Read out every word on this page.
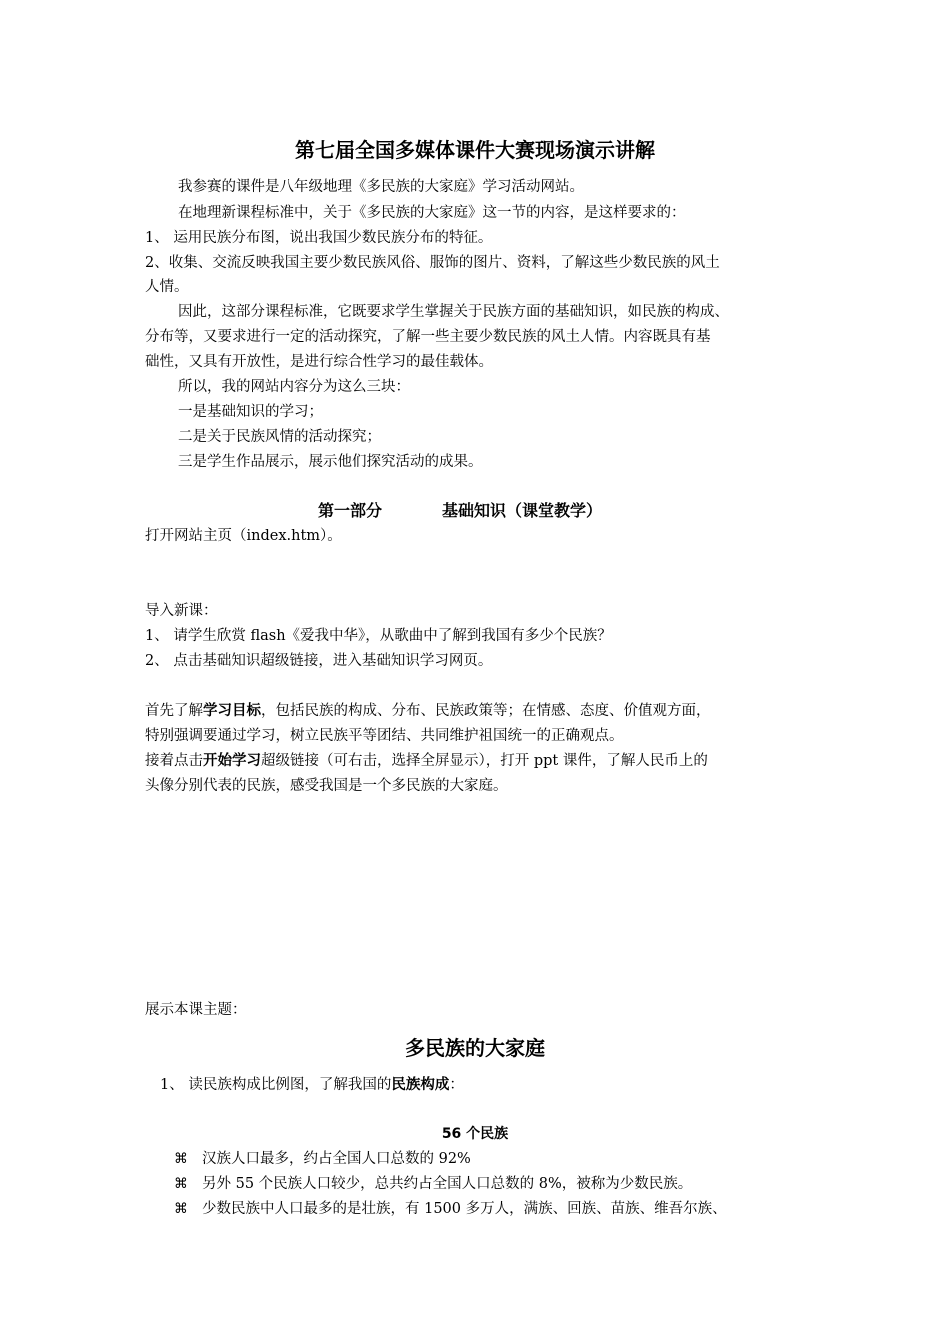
第七届全国多媒体课件大赛现场演示讲解
我参赛的课件是八年级地理《多民族的大家庭》学习活动网站。
在地理新课程标准中，关于《多民族的大家庭》这一节的内容，是这样要求的：
1、 运用民族分布图，说出我国少数民族分布的特征。
2、收集、交流反映我国主要少数民族风俗、服饰的图片、资料，了解这些少数民族的风土
人情。
因此，这部分课程标准，它既要求学生掌握关于民族方面的基础知识，如民族的构成、
分布等，又要求进行一定的活动探究，了解一些主要少数民族的风土人情。内容既具有基
础性，又具有开放性，是进行综合性学习的最佳载体。
所以，我的网站内容分为这么三块：
一是基础知识的学习；
二是关于民族风情的活动探究；
三是学生作品展示，展示他们探究活动的成果。
第一部分	基础知识（课堂教学）
打开网站主页（index.htm）。
导入新课：
1、 请学生欣赏 flash《爱我中华》，从歌曲中了解到我国有多少个民族？
2、 点击基础知识超级链接，进入基础知识学习网页。
首先了解学习目标，包括民族的构成、分布、民族政策等；在情感、态度、价值观方面，
特别强调要通过学习，树立民族平等团结、共同维护祖国统一的正确观点。
接着点击开始学习超级链接（可右击，选择全屏显示），打开 ppt 课件，了解人民币上的
头像分别代表的民族，感受我国是一个多民族的大家庭。
展示本课主题：
多民族的大家庭
1、 读民族构成比例图，了解我国的民族构成：
56 个民族
⌘ 汉族人口最多，约占全国人口总数的 92%
⌘ 另外 55 个民族人口较少，总共约占全国人口总数的 8%，被称为少数民族。
⌘ 少数民族中人口最多的是壮族，有 1500 多万人，满族、回族、苗族、维吾尔族、
